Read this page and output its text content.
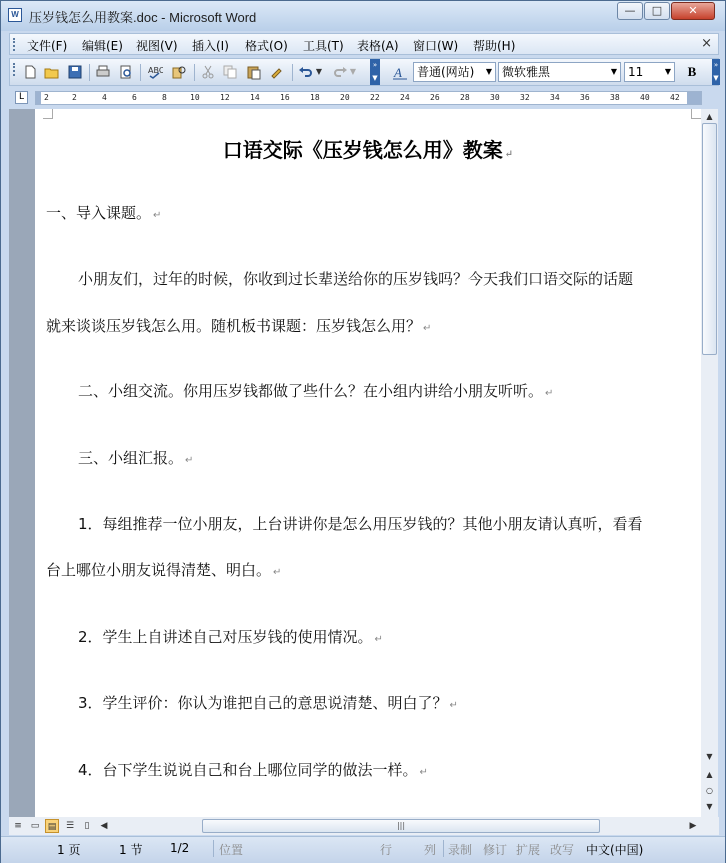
W 压岁钱怎么用教案.doc - Microsoft Word	—	□	✕
文件(F) 编辑(E) 视图(V) 插入(I) 格式(O) 工具(T) 表格(A) 窗口(W) 帮助(H)	×
ABC	▼	▼
»
▼ A	普通(网站)	▼ 微软雅黑	▼ 11	▼	B	»
▼
L	2	2	4	6	8	10	12	14	16	18	20	22	24	26	28	30	32	34	36	38	40	42
口语交际《压岁钱怎么用》教案 ↵
一、导入课题。 ↵
小朋友们，过年的时候，你收到过长辈送给你的压岁钱吗？今天我们口语交际的话题
就来谈谈压岁钱怎么用。随机板书课题：压岁钱怎么用？ ↵
二、小组交流。你用压岁钱都做了些什么？在小组内讲给小朋友听听。 ↵
三、小组汇报。 ↵
1．每组推荐一位小朋友，上台讲讲你是怎么用压岁钱的？其他小朋友请认真听，看看
台上哪位小朋友说得清楚、明白。 ↵
2．学生上自讲述自己对压岁钱的使用情况。 ↵
3．学生评价：你认为谁把自己的意思说清楚、明白了？ ↵
4．台下学生说说自己和台上哪位同学的做法一样。 ↵
▲
▼
▲
○
▼
≡ ▭ ▤	☰	▯	◀	|||	▶
1 页	1 节 1/2 位置	行	列 录制 修订 扩展 改写 中文(中国)
